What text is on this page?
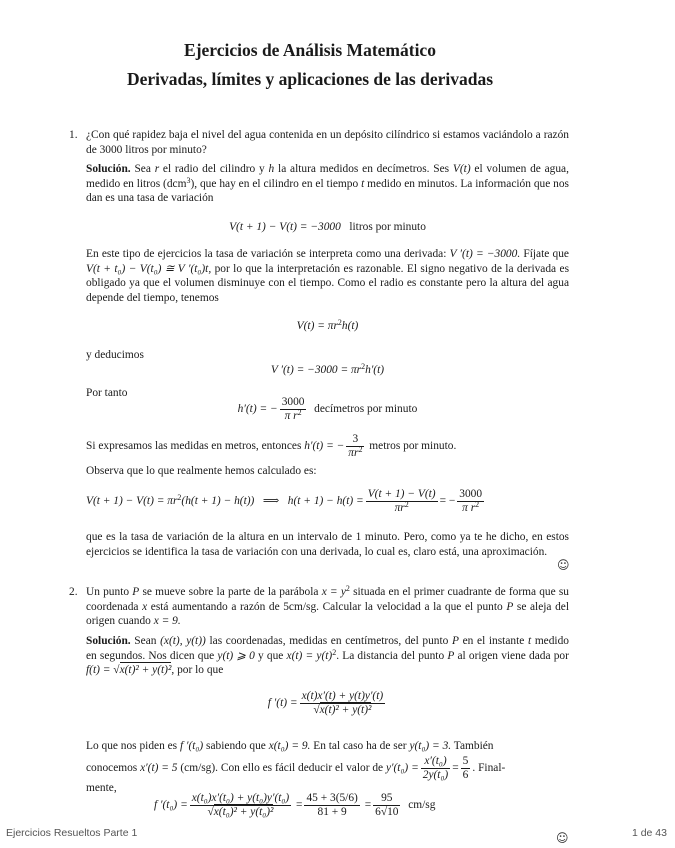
Ejercicios de Análisis Matemático
Derivadas, límites y aplicaciones de las derivadas
1. ¿Con qué rapidez baja el nivel del agua contenida en un depósito cilíndrico si estamos vaciándolo a razón de 3000 litros por minuto?
Solución. Sea r el radio del cilindro y h la altura medidos en decímetros. Ses V(t) el volumen de agua, medido en litros (dcm$^3$), que hay en el cilindro en el tiempo t medido en minutos. La información que nos dan es una tasa de variación
V(t + 1) − V(t) = −3000 litros por minuto
En este tipo de ejercicios la tasa de variación se interpreta como una derivada: V ′(t) = −3000. Fíjate que V(t + t₀) − V(t₀) ≅ V ′(t₀)t, por lo que la interpretación es razonable. El signo negativo de la derivada es obligado ya que el volumen disminuye con el tiempo. Como el radio es constante pero la altura del agua depende del tiempo, tenemos
$V(t) = \pi r^2h(t)$
y deducimos
V $'(t) = -3000 = \pi r^2h'(t)$
Por tanto
h′(t) = − $\frac{3000}{\pi r^2}$ decímetros por minuto
Si expresamos las medidas en metros, entonces h′(t) = − $\frac{3}{\pi r^2}$ metros por minuto.
Observa que lo que realmente hemos calculado es:
$V(t + 1) - V(t) = \pi r^2(h(t + 1) - h(t))$ ⟹ $h(t + 1) - h(t) = \frac{V(t + 1) - V(t)}{\pi r^2}$ = − $\frac{3000}{\pi r^2}$
que es la tasa de variación de la altura en un intervalo de 1 minuto. Pero, como ya te he dicho, en estos ejercicios se identifica la tasa de variación con una derivada, lo cual es, claro está, una aproximación.
☺
2. Un punto P se mueve sobre la parte de la parábola $x = y^2$ situada en el primer cuadrante de forma que su coordenada x está aumentando a razón de 5cm/sg. Calcular la velocidad a la que el punto P se aleja del origen cuando x = 9.
Solución. Sean (x(t), y(t)) las coordenadas, medidas en centímetros, del punto P en el instante t medido en segundos. Nos dicen que y(t) ⩾ 0 y que $x(t) = y(t)^2$. La distancia del punto P al origen viene dada por f(t) = √x(t)² + y(t)², por lo que
f $'(t) = \frac{x(t)x'(t) + y(t)y'(t)}{\text{√x(t)² + y(t)²}}$
Lo que nos piden es f ′(t₀) sabiendo que x(t₀) = 9. En tal caso ha de ser y(t₀) = 3. También
conocemos x′(t) = 5 (cm/sg). Con ello es fácil deducir el valor de $y'(t_0) = \frac{\text{x′(t₀)}}{\text{2y(t₀)}} = \frac{5}{6}$ . Final-
mente,
f $'(t_0) = \frac{\text{x(t₀)x′(t₀) + y(t₀)y′(t₀)}}{\text{√x(t₀)² + y(t₀)²}} = \frac{45 + 3(5/6)}{81 + 9} = \frac{95}{6√10} cm/sg$
Ejercicios Resueltos Parte 1	☺	1 de 43
